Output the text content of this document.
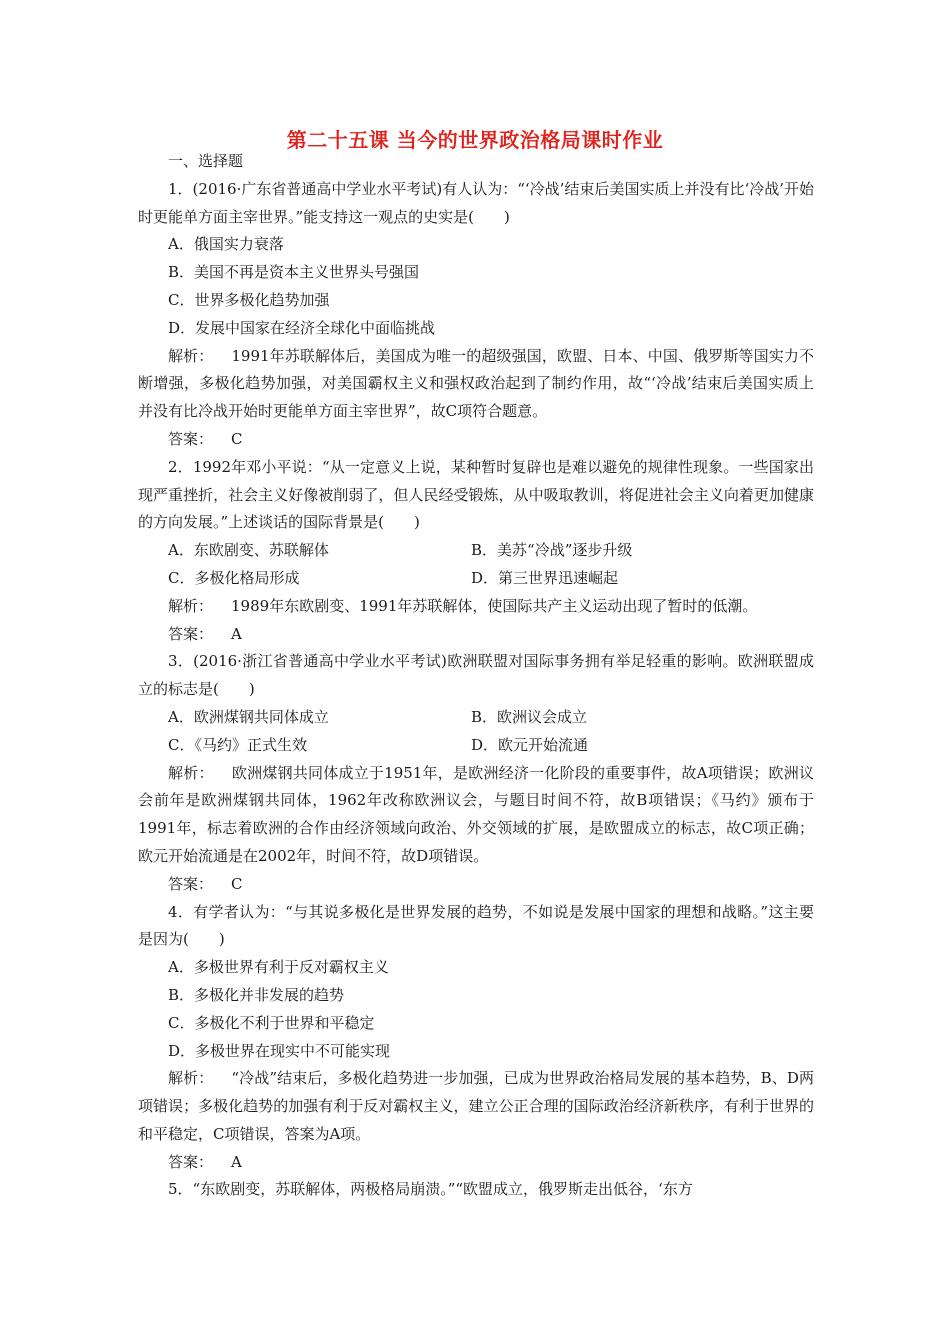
第二十五课 当今的世界政治格局课时作业
一、选择题
1．(2016·广东省普通高中学业水平考试)有人认为：“‘冷战’结束后美国实质上并没有比‘冷战’开始时更能单方面主宰世界。”能支持这一观点的史实是(　　)
A．俄国实力衰落
B．美国不再是资本主义世界头号强国
C．世界多极化趋势加强
D．发展中国家在经济全球化中面临挑战
解析： 1991年苏联解体后，美国成为唯一的超级强国，欧盟、日本、中国、俄罗斯等国实力不断增强，多极化趋势加强，对美国霸权主义和强权政治起到了制约作用，故“‘冷战’结束后美国实质上并没有比冷战开始时更能单方面主宰世界”，故C项符合题意。
答案： C
2．1992年邓小平说：“从一定意义上说，某种暂时复辟也是难以避免的规律性现象。一些国家出现严重挫折，社会主义好像被削弱了，但人民经受锻炼，从中吸取教训，将促进社会主义向着更加健康的方向发展。”上述谈话的国际背景是(　　)
A．东欧剧变、苏联解体	B．美苏“冷战”逐步升级
C．多极化格局形成	D．第三世界迅速崛起
解析： 1989年东欧剧变、1991年苏联解体，使国际共产主义运动出现了暂时的低潮。
答案： A
3．(2016·浙江省普通高中学业水平考试)欧洲联盟对国际事务拥有举足轻重的影响。欧洲联盟成立的标志是(　　)
A．欧洲煤钢共同体成立	B．欧洲议会成立
C．《马约》正式生效	D．欧元开始流通
解析： 欧洲煤钢共同体成立于1951年，是欧洲经济一化阶段的重要事件，故A项错误；欧洲议会前年是欧洲煤钢共同体，1962年改称欧洲议会，与题目时间不符，故B项错误；《马约》颁布于1991年，标志着欧洲的合作由经济领域向政治、外交领域的扩展，是欧盟成立的标志，故C项正确；欧元开始流通是在2002年，时间不符，故D项错误。
答案： C
4．有学者认为：“与其说多极化是世界发展的趋势，不如说是发展中国家的理想和战略。”这主要是因为(　　)
A．多极世界有利于反对霸权主义
B．多极化并非发展的趋势
C．多极化不利于世界和平稳定
D．多极世界在现实中不可能实现
解析： “冷战”结束后，多极化趋势进一步加强，已成为世界政治格局发展的基本趋势，B、D两项错误；多极化趋势的加强有利于反对霸权主义，建立公正合理的国际政治经济新秩序，有利于世界的和平稳定，C项错误，答案为A项。
答案： A
5．“东欧剧变，苏联解体，两极格局崩溃。”“欧盟成立，俄罗斯走出低谷，‘东方
